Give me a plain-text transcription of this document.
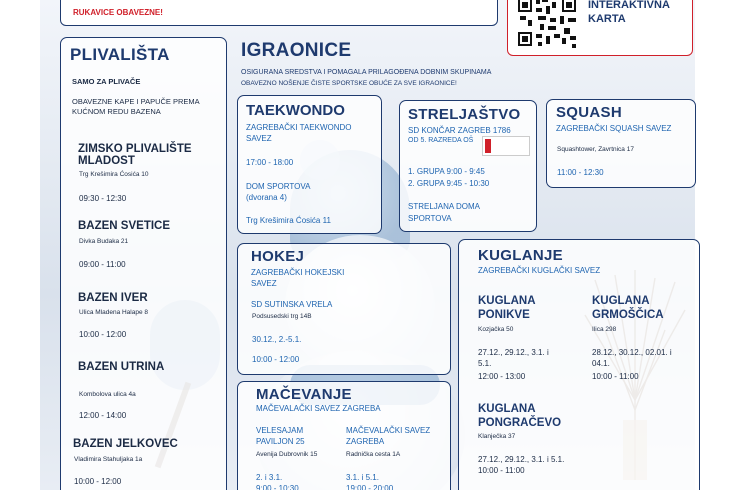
RUKAVICE OBAVEZNE!
INTERAKTIVNA
KARTA
PLIVALIŠTA
SAMO ZA PLIVAČE
OBAVEZNE KAPE I PAPUČE PREMA
KUĆNOM REDU BAZENA
ZIMSKO PLIVALIŠTE
MLADOST
Trg Krešimira Ćosića 10
09:30 - 12:30
BAZEN SVETICE
Divka Budaka 21
09:00 - 11:00
BAZEN IVER
Ulica Mladena Halape 8
10:00 - 12:00
BAZEN UTRINA
Kombolova ulica 4a
12:00 - 14:00
BAZEN JELKOVEC
Vladimira Stahuljaka 1a
10:00 - 12:00
IGRAONICE
OSIGURANA SREDSTVA I POMAGALA PRILAGOĐENA DOBNIM SKUPINAMA
OBAVEZNO NOŠENJE ČISTE SPORTSKE OBUĆE ZA SVE IGRAONICE!
TAEKWONDO
ZAGREBAČKI TAEKWONDO
SAVEZ
17:00 - 18:00
DOM SPORTOVA
(dvorana 4)
Trg Krešimira Ćosića 11
STRELJAŠTVO
SD KONČAR ZAGREB 1786
OD 5. RAZREDA OŠ
1. GRUPA 9:00 - 9:45
2. GRUPA 9:45 - 10:30
STRELJANA DOMA
SPORTOVA
SQUASH
ZAGREBAČKI SQUASH SAVEZ
Squashtower, Zavrtnica 17
11:00 - 12:30
HOKEJ
ZAGREBAČKI HOKEJSKI
SAVEZ
SD SUTINSKA VRELA
Podsusedski trg 14B
30.12., 2.-5.1.
10:00 - 12:00
KUGLANJE
ZAGREBAČKI KUGLAČKI SAVEZ
KUGLANA
PONIKVE
Kozjačka 50
27.12., 29.12., 3.1. i
5.1.
12:00 - 13:00
KUGLANA
GRMOŠČICA
Ilica 298
28.12., 30.12., 02.01. i
04.1.
10:00 - 11:00
KUGLANA
PONGRAČEVO
Klanječka 37
27.12., 29.12., 3.1. i 5.1.
10:00 - 11:00
MAČEVANJE
MAČEVALAČKI SAVEZ ZAGREBA
VELESAJAM
PAVILJON 25
Avenija Dubrovnik 15
2. i 3.1.
9:00 - 10:30
MAČEVALAČKI SAVEZ
ZAGREBA
Radnička cesta 1A
3.1. i 5.1.
19:00 - 20:00
